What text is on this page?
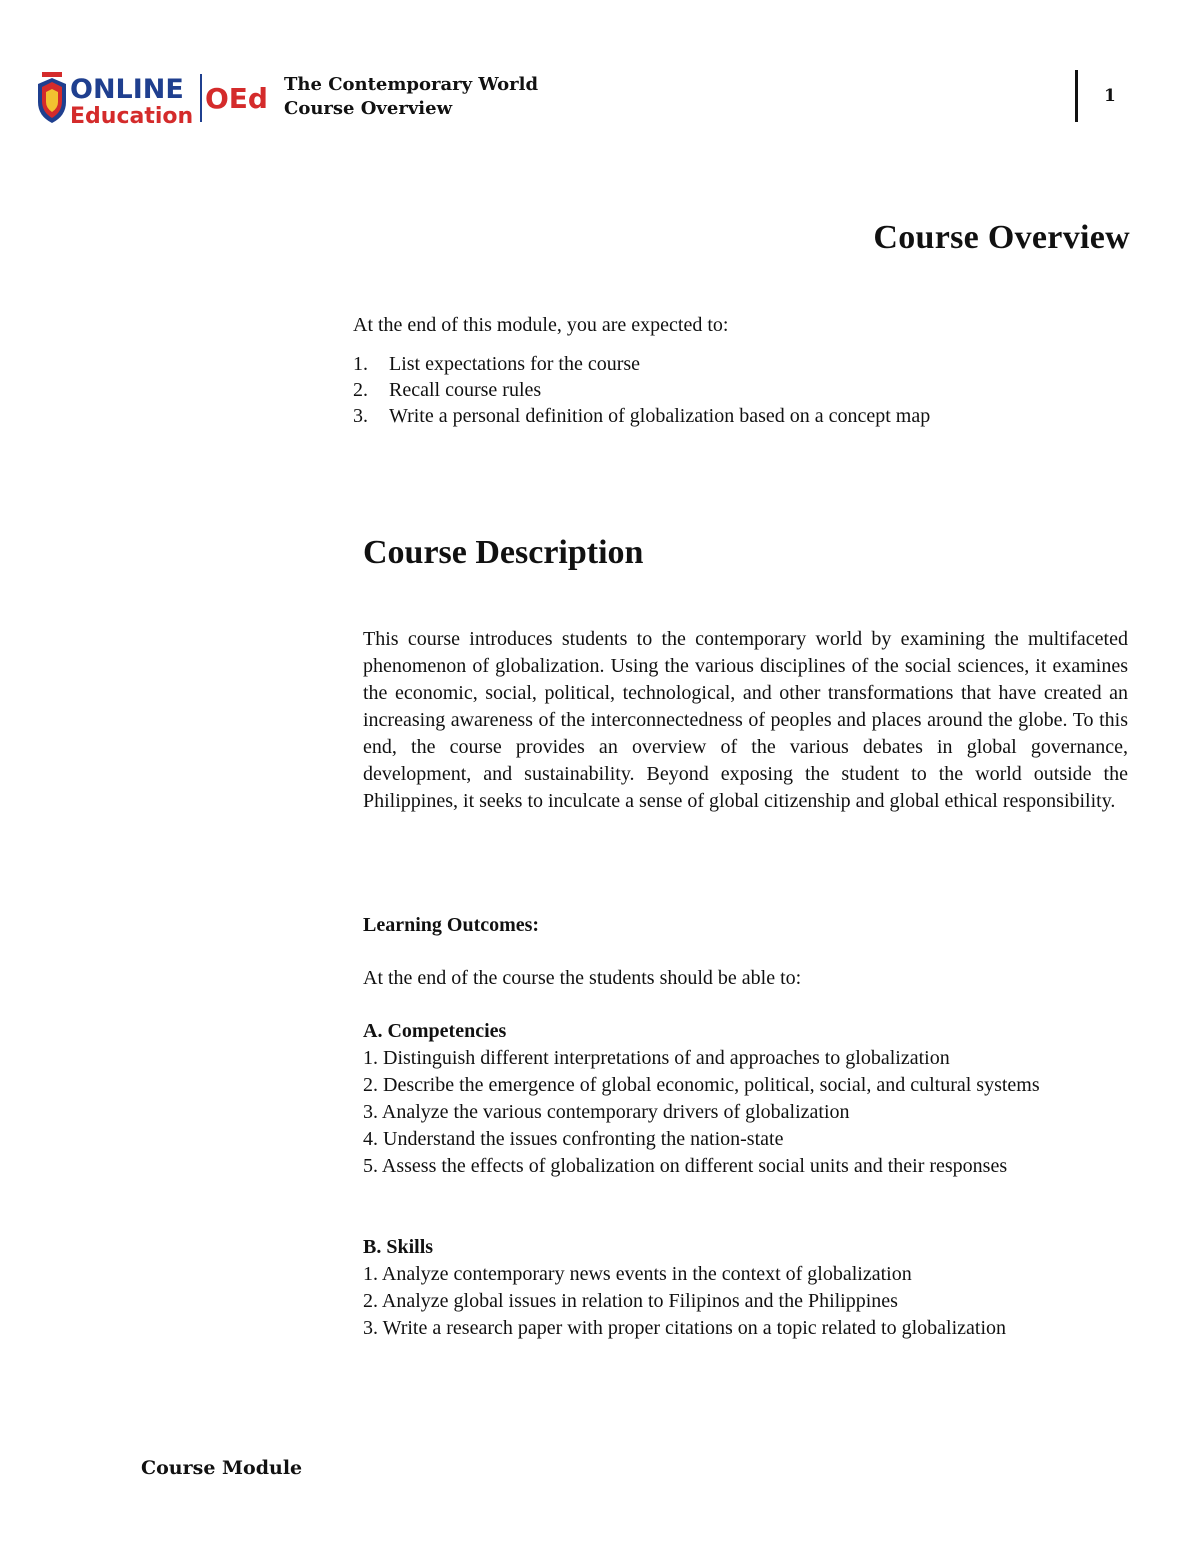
ONLINE
Education
OEd The Contemporary World
Course Overview
1
Course Overview

At the end of this module, you are expected to:

1.	List expectations for the course
2.	Recall course rules
3.	Write a personal definition of globalization based on a concept map
Course Description

This course introduces students to the contemporary world by examining the multifaceted phenomenon of globalization. Using the various disciplines of the social sciences, it examines the economic, social, political, technological, and other transformations that have created an increasing awareness of the interconnectedness of peoples and places around the globe. To this end, the course provides an overview of the various debates in global governance, development, and sustainability. Beyond exposing the student to the world outside the Philippines, it seeks to inculcate a sense of global citizenship and global ethical responsibility.

Learning Outcomes:
At the end of the course the students should be able to:
A. Competencies

1. Distinguish different interpretations of and approaches to globalization

2. Describe the emergence of global economic, political, social, and cultural systems

3. Analyze the various contemporary drivers of globalization

4. Understand the issues confronting the nation-state

5. Assess the effects of globalization on different social units and their responses

B. Skills

1. Analyze contemporary news events in the context of globalization

2. Analyze global issues in relation to Filipinos and the Philippines

3. Write a research paper with proper citations on a topic related to globalization

Course Module
